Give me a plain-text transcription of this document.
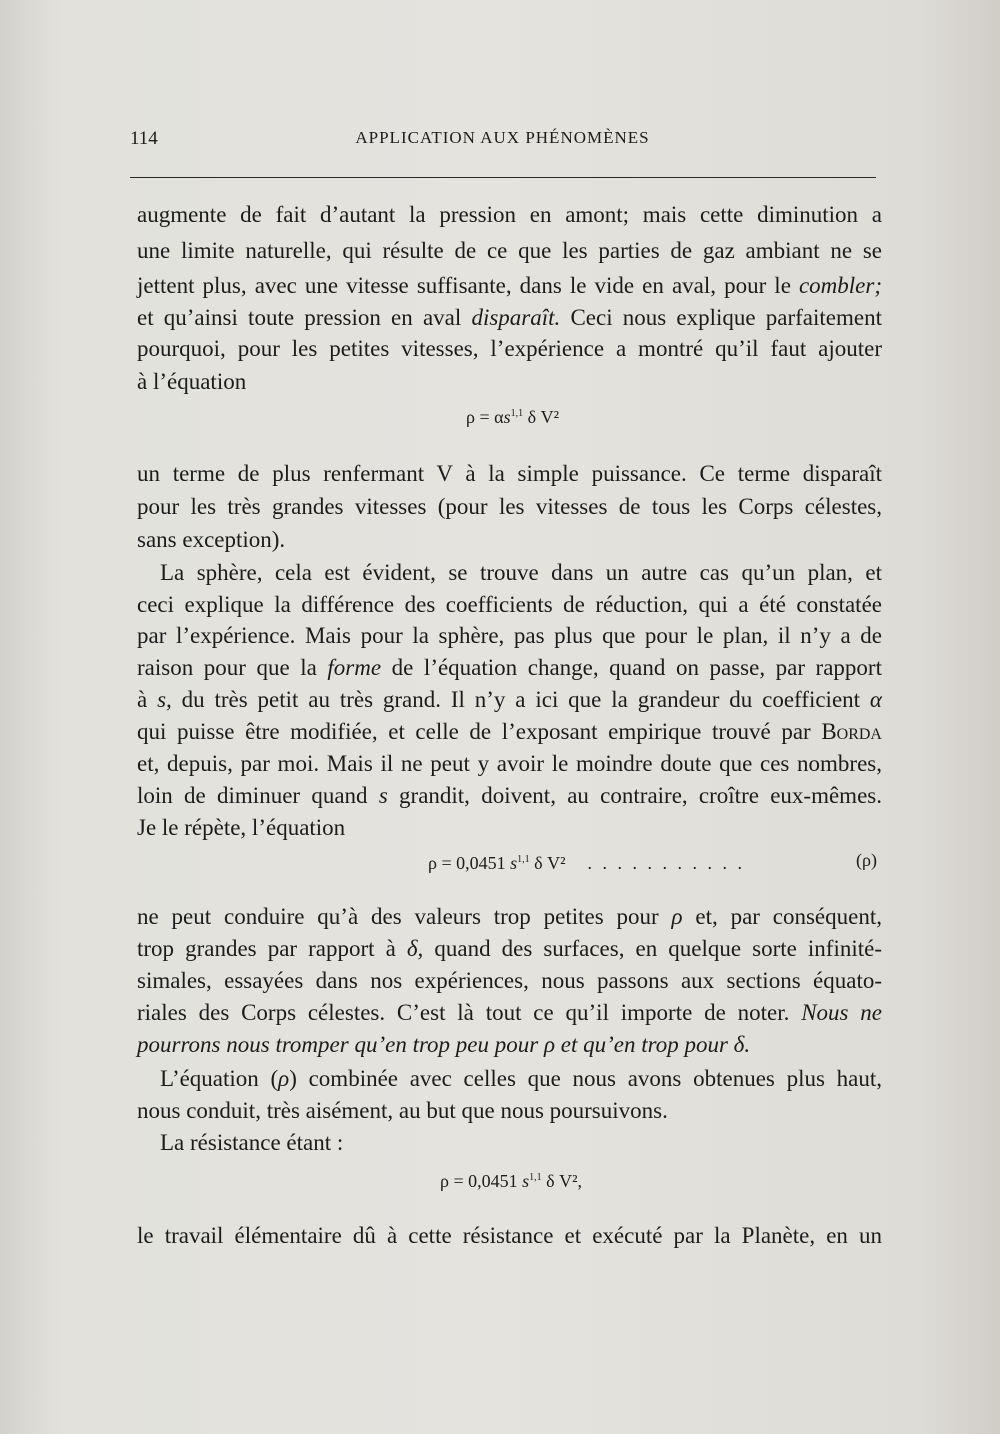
114	APPLICATION AUX PHÉNOMÈNES

augmente de fait d’autant la pression en amont; mais cette diminution a

une limite naturelle, qui résulte de ce que les parties de gaz ambiant ne se

jettent plus, avec une vitesse suffisante, dans le vide en aval, pour le combler;

et qu’ainsi toute pression en aval disparaît. Ceci nous explique parfaitement

pourquoi, pour les petites vitesses, l’expérience a montré qu’il faut ajouter

à l’équation

ρ = αs$^{1,1}$ δ V²

un terme de plus renfermant V à la simple puissance. Ce terme disparaît

pour les très grandes vitesses (pour les vitesses de tous les Corps célestes,

sans exception).

La sphère, cela est évident, se trouve dans un autre cas qu’un plan, et

ceci explique la différence des coefficients de réduction, qui a été constatée

par l’expérience. Mais pour la sphère, pas plus que pour le plan, il n’y a de

raison pour que la forme de l’équation change, quand on passe, par rapport

à s, du très petit au très grand. Il n’y a ici que la grandeur du coefficient α

qui puisse être modifiée, et celle de l’exposant empirique trouvé par Borda

et, depuis, par moi. Mais il ne peut y avoir le moindre doute que ces nombres,

loin de diminuer quand s grandit, doivent, au contraire, croître eux-mêmes.

Je le répète, l’équation

ρ = 0,0451 $s^{1,1}$ δ V² . . . . . . . . . . .	(ρ)

ne peut conduire qu’à des valeurs trop petites pour ρ et, par conséquent,

trop grandes par rapport à δ, quand des surfaces, en quelque sorte infinité-

simales, essayées dans nos expériences, nous passons aux sections équato-

riales des Corps célestes. C’est là tout ce qu’il importe de noter. Nous ne

pourrons nous tromper qu’en trop peu pour ρ et qu’en trop pour δ.

L’équation (ρ) combinée avec celles que nous avons obtenues plus haut,

nous conduit, très aisément, au but que nous poursuivons.

La résistance étant :

ρ = 0,0451 $s^{1,1}$ δ V²,

le travail élémentaire dû à cette résistance et exécuté par la Planète, en un
